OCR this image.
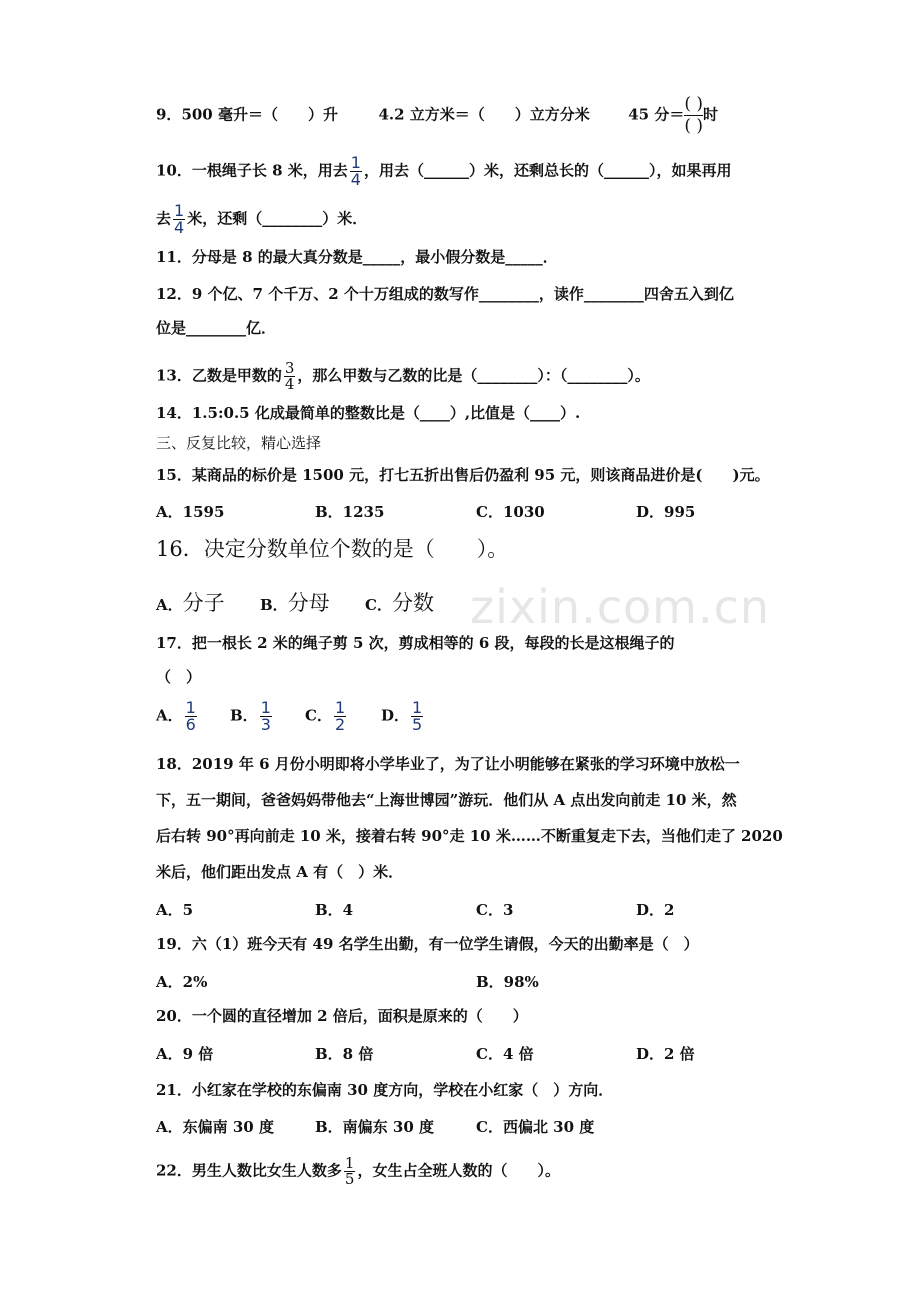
zixin.com.cn
9．500 毫升＝（　　）升	4.2 立方米＝（　　）立方分米	45 分＝
( )
( )
时
10．一根绳子长 8 米，用去 $\frac{1}{4}$ ，用去（______）米，还剩总长的（______），如果再用
去 $\frac{1}{4}$ 米，还剩（________）米．
11．分母是 8 的最大真分数是_____，最小假分数是_____．
12．9 个亿、7 个千万、2 个十万组成的数写作________，读作________四舍五入到亿
位是________亿．
13．乙数是甲数的 $\frac{3}{4}$ ，那么甲数与乙数的比是（________）：（________）。
14．1.5:0.5 化成最简单的整数比是（____）,比值是（____）.
三、反复比较，精心选择
15．某商品的标价是 1500 元，打七五折出售后仍盈利 95 元，则该商品进价是(　　)元。
A．1595	B．1235	C．1030	D．995
16．决定分数单位个数的是（　　）。
A．分子 B．分母 C．分数
17．把一根长 2 米的绳子剪 5 次，剪成相等的 6 段，每段的长是这根绳子的
（　）
A． $\frac{1}{6}$ B． $\frac{1}{3}$ C． $\frac{1}{2}$ D． $\frac{1}{5}$
18．2019 年 6 月份小明即将小学毕业了，为了让小明能够在紧张的学习环境中放松一
下，五一期间，爸爸妈妈带他去“上海世博园”游玩．他们从 A 点出发向前走 10 米，然
后右转 90°再向前走 10 米，接着右转 90°走 10 米……不断重复走下去，当他们走了 2020
米后，他们距出发点 A 有（　）米．
A．5	B．4	C．3	D．2
19．六（1）班今天有 49 名学生出勤，有一位学生请假，今天的出勤率是（　）
A．2%	B．98%
20．一个圆的直径增加 2 倍后，面积是原来的（　　）
A．9 倍	B．8 倍	C．4 倍	D．2 倍
21．小红家在学校的东偏南 30 度方向，学校在小红家（　）方向．
A．东偏南 30 度	B．南偏东 30 度	C．西偏北 30 度
22．男生人数比女生人数多 $\frac{1}{5}$ ，女生占全班人数的（　　）。
